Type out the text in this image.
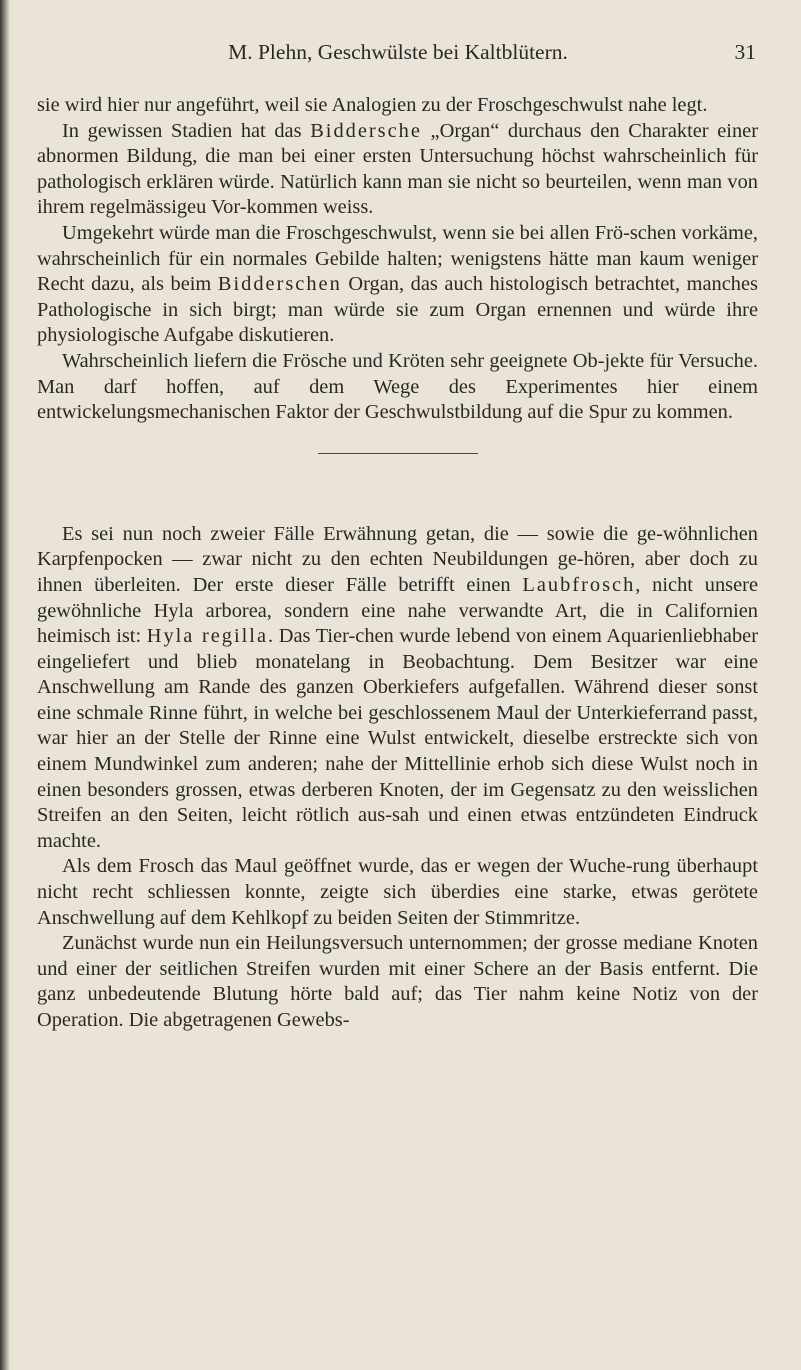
M. Plehn, Geschwülste bei Kaltblütern.	31

sie wird hier nur angeführt, weil sie Analogien zu der Froschgeschwulst nahe legt.

In gewissen Stadien hat das Biddersche „Organ“ durchaus den Charakter einer abnormen Bildung, die man bei einer ersten Untersuchung höchst wahrscheinlich für pathologisch erklären würde. Natürlich kann man sie nicht so beurteilen, wenn man von ihrem regelmässigeu Vor-kommen weiss.

Umgekehrt würde man die Froschgeschwulst, wenn sie bei allen Frö-schen vorkäme, wahrscheinlich für ein normales Gebilde halten; wenigstens hätte man kaum weniger Recht dazu, als beim Bidderschen Organ, das auch histologisch betrachtet, manches Pathologische in sich birgt; man würde sie zum Organ ernennen und würde ihre physiologische Aufgabe diskutieren.

Wahrscheinlich liefern die Frösche und Kröten sehr geeignete Ob-jekte für Versuche. Man darf hoffen, auf dem Wege des Experimentes hier einem entwickelungsmechanischen Faktor der Geschwulstbildung auf die Spur zu kommen.

Es sei nun noch zweier Fälle Erwähnung getan, die — sowie die ge-wöhnlichen Karpfenpocken — zwar nicht zu den echten Neubildungen ge-hören, aber doch zu ihnen überleiten. Der erste dieser Fälle betrifft einen Laubfrosch, nicht unsere gewöhnliche Hyla arborea, sondern eine nahe verwandte Art, die in Californien heimisch ist: Hyla regilla. Das Tier-chen wurde lebend von einem Aquarienliebhaber eingeliefert und blieb monatelang in Beobachtung. Dem Besitzer war eine Anschwellung am Rande des ganzen Oberkiefers aufgefallen. Während dieser sonst eine schmale Rinne führt, in welche bei geschlossenem Maul der Unterkieferrand passt, war hier an der Stelle der Rinne eine Wulst entwickelt, dieselbe erstreckte sich von einem Mundwinkel zum anderen; nahe der Mittellinie erhob sich diese Wulst noch in einen besonders grossen, etwas derberen Knoten, der im Gegensatz zu den weisslichen Streifen an den Seiten, leicht rötlich aus-sah und einen etwas entzündeten Eindruck machte.

Als dem Frosch das Maul geöffnet wurde, das er wegen der Wuche-rung überhaupt nicht recht schliessen konnte, zeigte sich überdies eine starke, etwas gerötete Anschwellung auf dem Kehlkopf zu beiden Seiten der Stimmritze.

Zunächst wurde nun ein Heilungsversuch unternommen; der grosse mediane Knoten und einer der seitlichen Streifen wurden mit einer Schere an der Basis entfernt. Die ganz unbedeutende Blutung hörte bald auf; das Tier nahm keine Notiz von der Operation. Die abgetragenen Gewebs-
